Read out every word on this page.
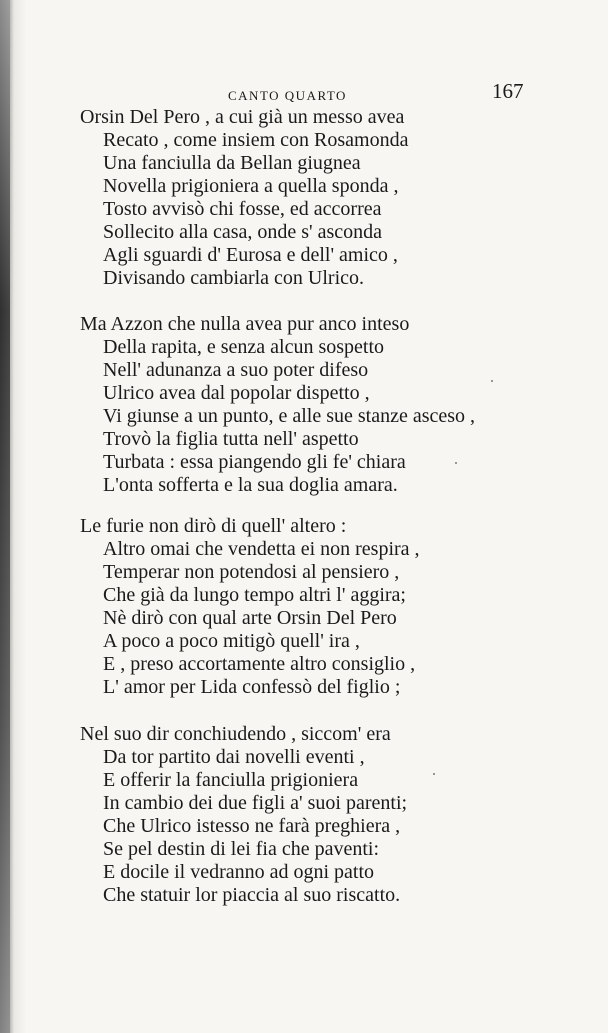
CANTO QUARTO	167
Orsin Del Pero , a cui già un messo avea
Recato , come insiem con Rosamonda
Una fanciulla da Bellan giugnea
Novella prigioniera a quella sponda ,
Tosto avvisò chi fosse, ed accorrea
Sollecito alla casa, onde s' asconda
Agli sguardi d' Eurosa e dell' amico ,
Divisando cambiarla con Ulrico.
Ma Azzon che nulla avea pur anco inteso
Della rapita, e senza alcun sospetto
Nell' adunanza a suo poter difeso
Ulrico avea dal popolar dispetto ,
Vi giunse a un punto, e alle sue stanze asceso ,
Trovò la figlia tutta nell' aspetto
Turbata : essa piangendo gli fe' chiara
L'onta sofferta e la sua doglia amara.
Le furie non dirò di quell' altero :
Altro omai che vendetta ei non respira ,
Temperar non potendosi al pensiero ,
Che già da lungo tempo altri l' aggira;
Nè dirò con qual arte Orsin Del Pero
A poco a poco mitigò quell' ira ,
E , preso accortamente altro consiglio ,
L' amor per Lida confessò del figlio ;
Nel suo dir conchiudendo , siccom' era
Da tor partito dai novelli eventi ,
E offerir la fanciulla prigioniera
In cambio dei due figli a' suoi parenti;
Che Ulrico istesso ne farà preghiera ,
Se pel destin di lei fia che paventi:
E docile il vedranno ad ogni patto
Che statuir lor piaccia al suo riscatto.
